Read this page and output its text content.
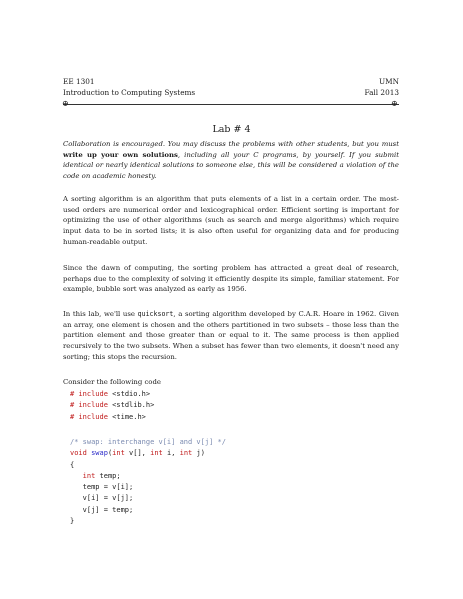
EE 1301	UMN
Introduction to Computing Systems	Fall 2013
⊕	⊕
Lab # 4
Collaboration is encouraged. You may discuss the problems with other students, but you must write up your own solutions, including all your C programs, by yourself. If you submit identical or nearly identical solutions to someone else, this will be considered a violation of the code on academic honesty.
A sorting algorithm is an algorithm that puts elements of a list in a certain order. The most-used orders are numerical order and lexicographical order. Efficient sorting is important for optimizing the use of other algorithms (such as search and merge algorithms) which require input data to be in sorted lists; it is also often useful for organizing data and for producing human-readable output.
Since the dawn of computing, the sorting problem has attracted a great deal of research, perhaps due to the complexity of solving it efficiently despite its simple, familiar statement. For example, bubble sort was analyzed as early as 1956.
In this lab, we'll use quicksort, a sorting algorithm developed by C.A.R. Hoare in 1962. Given an array, one element is chosen and the others partitioned in two subsets – those less than the partition element and those greater than or equal to it. The same process is then applied recursively to the two subsets. When a subset has fewer than two elements, it doesn't need any sorting; this stops the recursion.
Consider the following code
# include <stdio.h>
# include <stdlib.h>
# include <time.h>
/* swap: interchange v[i] and v[j] */
void swap(int v[], int i, int j)
{
int temp;
temp = v[i];
v[i] = v[j];
v[j] = temp;
}
